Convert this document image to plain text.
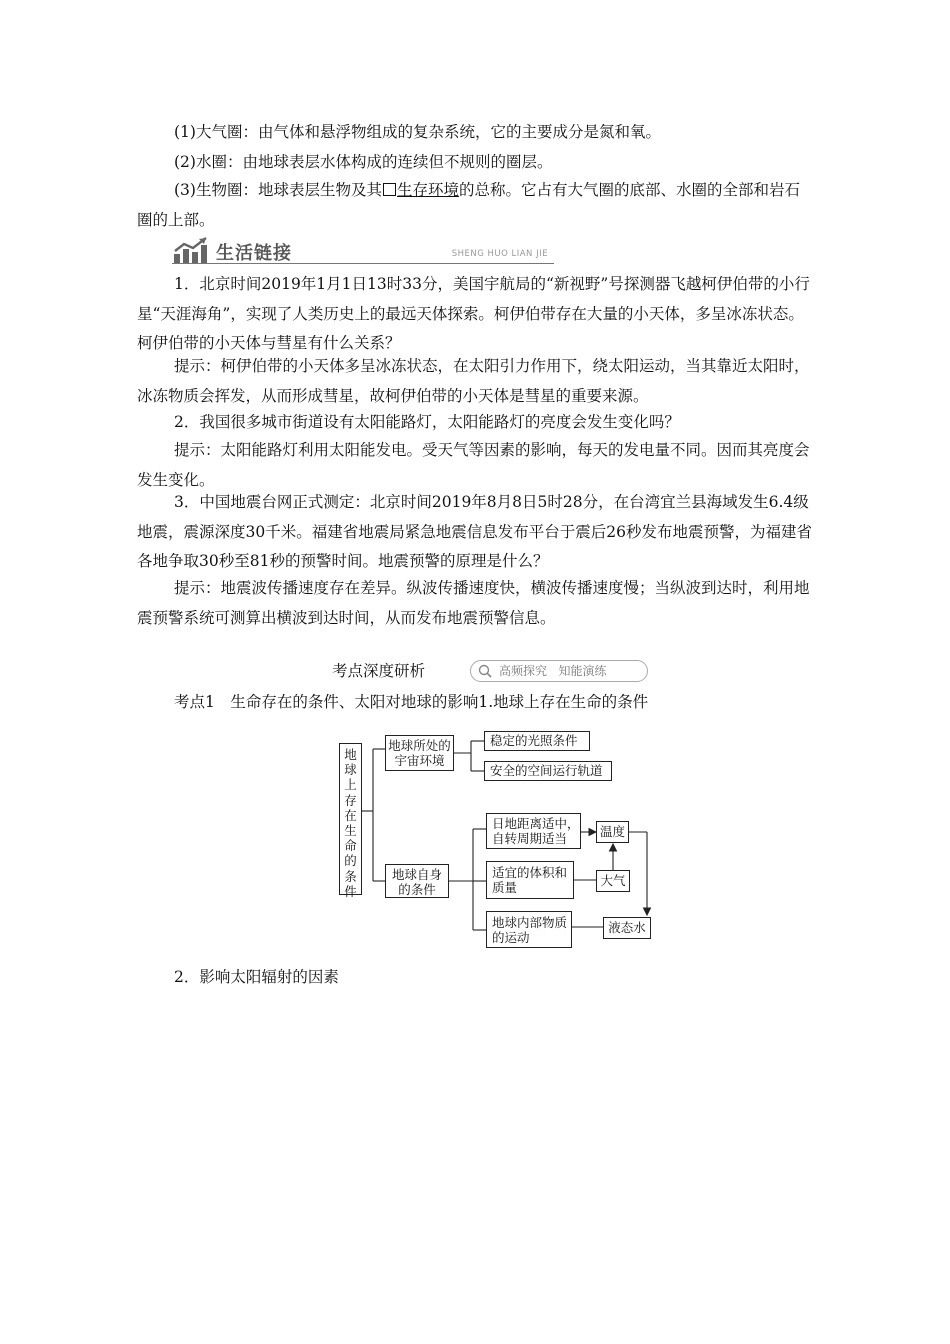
(1)大气圈：由气体和悬浮物组成的复杂系统，它的主要成分是氮和氧。

(2)水圈：由地球表层水体构成的连续但不规则的圈层。

(3)生物圈：地球表层生物及其 生存环境的总称。它占有大气圈的底部、水圈的全部和岩石圈的上部。

生活链接	SHENG HUO LIAN JIE

1．北京时间2019年1月1日13时33分，美国宇航局的“新视野”号探测器飞越柯伊伯带的小行星“天涯海角”，实现了人类历史上的最远天体探索。柯伊伯带存在大量的小天体，多呈冰冻状态。柯伊伯带的小天体与彗星有什么关系？

提示：柯伊伯带的小天体多呈冰冻状态，在太阳引力作用下，绕太阳运动，当其靠近太阳时，冰冻物质会挥发，从而形成彗星，故柯伊伯带的小天体是彗星的重要来源。

2．我国很多城市街道设有太阳能路灯，太阳能路灯的亮度会发生变化吗？

提示：太阳能路灯利用太阳能发电。受天气等因素的影响，每天的发电量不同。因而其亮度会发生变化。

3．中国地震台网正式测定：北京时间2019年8月8日5时28分，在台湾宜兰县海域发生6.4级地震，震源深度30千米。福建省地震局紧急地震信息发布平台于震后26秒发布地震预警，为福建省各地争取30秒至81秒的预警时间。地震预警的原理是什么？

提示：地震波传播速度存在差异。纵波传播速度快，横波传播速度慢；当纵波到达时，利用地震预警系统可测算出横波到达时间，从而发布地震预警信息。

考点深度研析	高频探究   知能演练

考点1　生命存在的条件、太阳对地球的影响1.地球上存在生命的条件

地球上存在生命的条件
地球所处的宇宙环境
稳定的光照条件
安全的空间运行轨道
地球自身的条件
日地距离适中，自转周期适当
适宜的体积和质量
地球内部物质的运动
温度
大气
液态水

2．影响太阳辐射的因素
